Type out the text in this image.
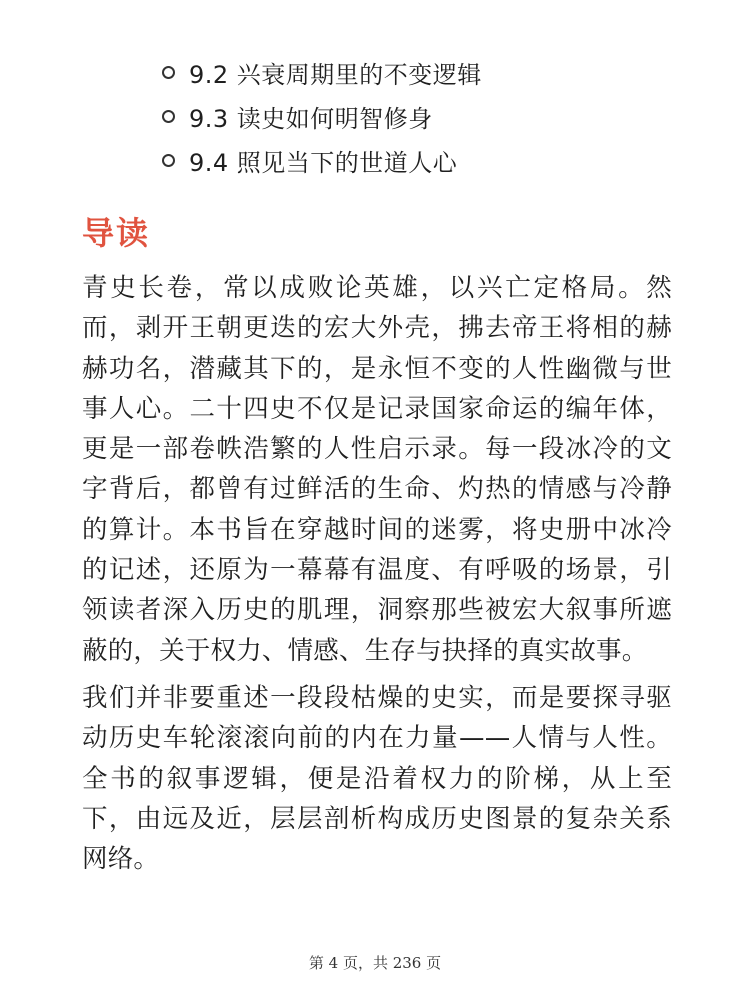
9.2 兴衰周期里的不变逻辑
9.3 读史如何明智修身
9.4 照见当下的世道人心
导读

青史长卷，常以成败论英雄，以兴亡定格局。然而，剥开王朝更迭的宏大外壳，拂去帝王将相的赫赫功名，潜藏其下的，是永恒不变的人性幽微与世事人心。二十四史不仅是记录国家命运的编年体，更是一部卷帙浩繁的人性启示录。每一段冰冷的文字背后，都曾有过鲜活的生命、灼热的情感与冷静的算计。本书旨在穿越时间的迷雾，将史册中冰冷的记述，还原为一幕幕有温度、有呼吸的场景，引领读者深入历史的肌理，洞察那些被宏大叙事所遮蔽的，关于权力、情感、生存与抉择的真实故事。

我们并非要重述一段段枯燥的史实，而是要探寻驱动历史车轮滚滚向前的内在力量——人情与人性。全书的叙事逻辑，便是沿着权力的阶梯，从上至下，由远及近，层层剖析构成历史图景的复杂关系网络。

第 4 页，共 236 页
